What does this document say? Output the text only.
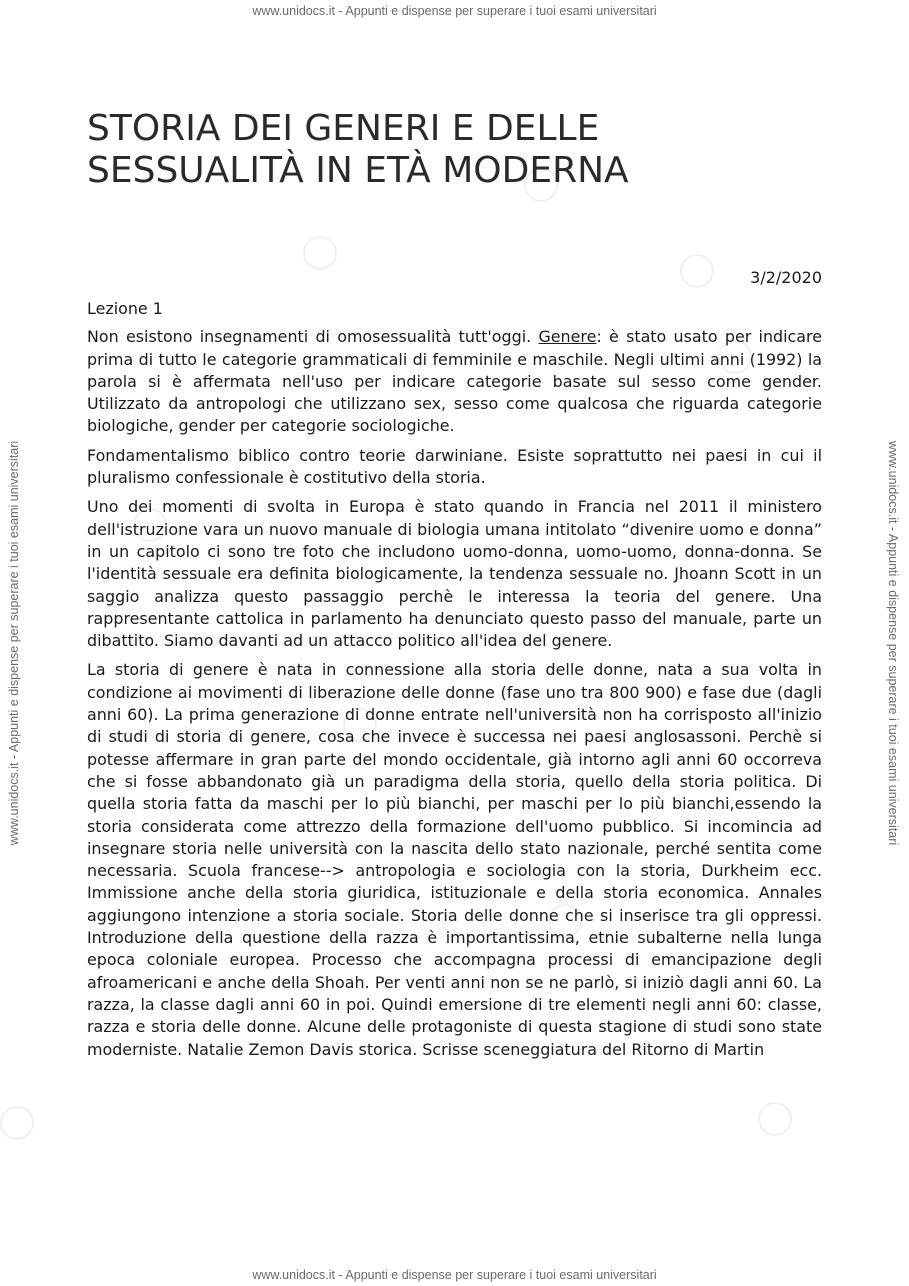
www.unidocs.it - Appunti e dispense per superare i tuoi esami universitari
www.unidocs.it - Appunti e dispense per superare i tuoi esami universitari
www.unidocs.it - Appunti e dispense per superare i tuoi esami universitari	www.unidocs.it - Appunti e dispense per superare i tuoi esami universitari
STORIA DEI GENERI E DELLE
SESSUALITÀ IN ETÀ MODERNA
3/2/2020

Lezione 1

Non esistono insegnamenti di omosessualità tutt'oggi. Genere: è stato usato per indicare prima di tutto le categorie grammaticali di femminile e maschile. Negli ultimi anni (1992) la parola si è affermata nell'uso per indicare categorie basate sul sesso come gender. Utilizzato da antropologi che utilizzano sex, sesso come qualcosa che riguarda categorie biologiche, gender per categorie sociologiche.

Fondamentalismo biblico contro teorie darwiniane. Esiste soprattutto nei paesi in cui il pluralismo confessionale è costitutivo della storia.

Uno dei momenti di svolta in Europa è stato quando in Francia nel 2011 il ministero dell'istruzione vara un nuovo manuale di biologia umana intitolato “divenire uomo e donna” in un capitolo ci sono tre foto che includono uomo-donna, uomo-uomo, donna-donna. Se l'identità sessuale era definita biologicamente, la tendenza sessuale no. Jhoann Scott in un saggio analizza questo passaggio perchè le interessa la teoria del genere. Una rappresentante cattolica in parlamento ha denunciato questo passo del manuale, parte un dibattito. Siamo davanti ad un attacco politico all'idea del genere.

La storia di genere è nata in connessione alla storia delle donne, nata a sua volta in condizione ai movimenti di liberazione delle donne (fase uno tra 800 900) e fase due (dagli anni 60). La prima generazione di donne entrate nell'università non ha corrisposto all'inizio di studi di storia di genere, cosa che invece è successa nei paesi anglosassoni. Perchè si potesse affermare in gran parte del mondo occidentale, già intorno agli anni 60 occorreva che si fosse abbandonato già un paradigma della storia, quello della storia politica. Di quella storia fatta da maschi per lo più bianchi, per maschi per lo più bianchi,essendo la storia considerata come attrezzo della formazione dell'uomo pubblico. Si incomincia ad insegnare storia nelle università con la nascita dello stato nazionale, perché sentita come necessaria. Scuola francese--> antropologia e sociologia con la storia, Durkheim ecc. Immissione anche della storia giuridica, istituzionale e della storia economica. Annales aggiungono intenzione a storia sociale. Storia delle donne che si inserisce tra gli oppressi. Introduzione della questione della razza è importantissima, etnie subalterne nella lunga epoca coloniale europea. Processo che accompagna processi di emancipazione degli afroamericani e anche della Shoah. Per venti anni non se ne parlò, si iniziò dagli anni 60. La razza, la classe dagli anni 60 in poi. Quindi emersione di tre elementi negli anni 60: classe, razza e storia delle donne. Alcune delle protagoniste di questa stagione di studi sono state moderniste. Natalie Zemon Davis storica. Scrisse sceneggiatura del Ritorno di Martin
